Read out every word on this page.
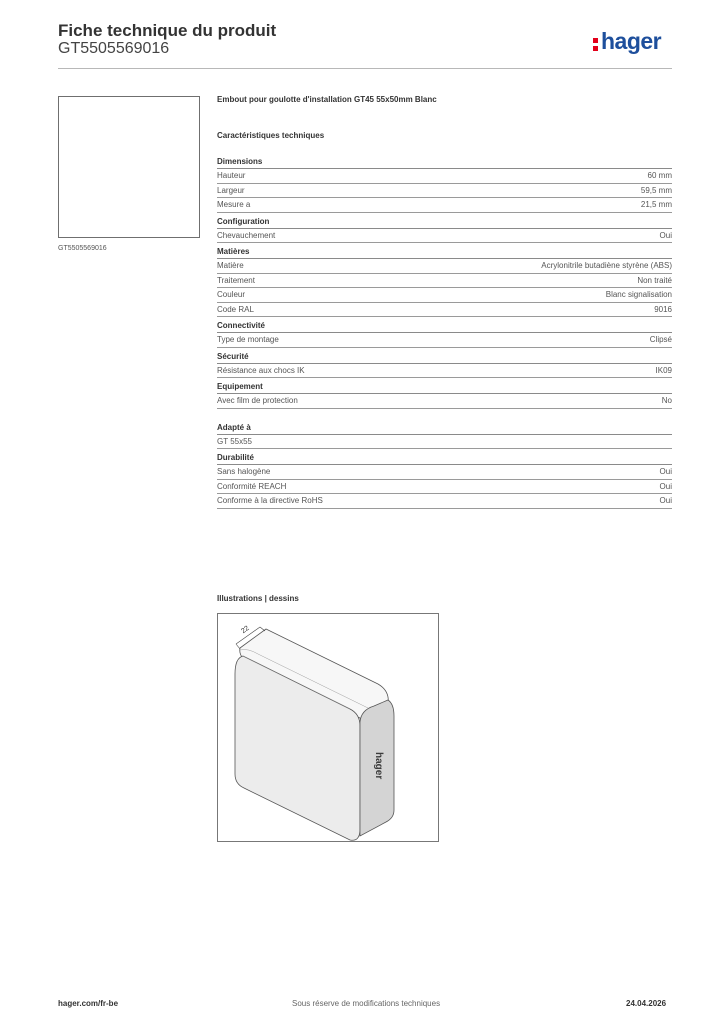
Fiche technique du produit
GT5505569016	hager
GT5505569016
Embout pour goulotte d'installation GT45 55x50mm Blanc
Caractéristiques techniques
Dimensions
Hauteur	60 mm
Largeur	59,5 mm
Mesure a	21,5 mm
Configuration
Chevauchement	Oui
Matières
Matière	Acrylonitrile butadiène styrène (ABS)
Traitement	Non traité
Couleur	Blanc signalisation
Code RAL	9016
Connectivité
Type de montage	Clipsé
Sécurité
Résistance aux chocs IK	IK09
Equipement
Avec film de protection	No
Adapté à
GT 55x55
Durabilité
Sans halogène	Oui
Conformité REACH	Oui
Conforme à la directive RoHS	Oui
Illustrations | dessins
22
hager
hager.com/fr-be	Sous réserve de modifications techniques	24.04.2026
